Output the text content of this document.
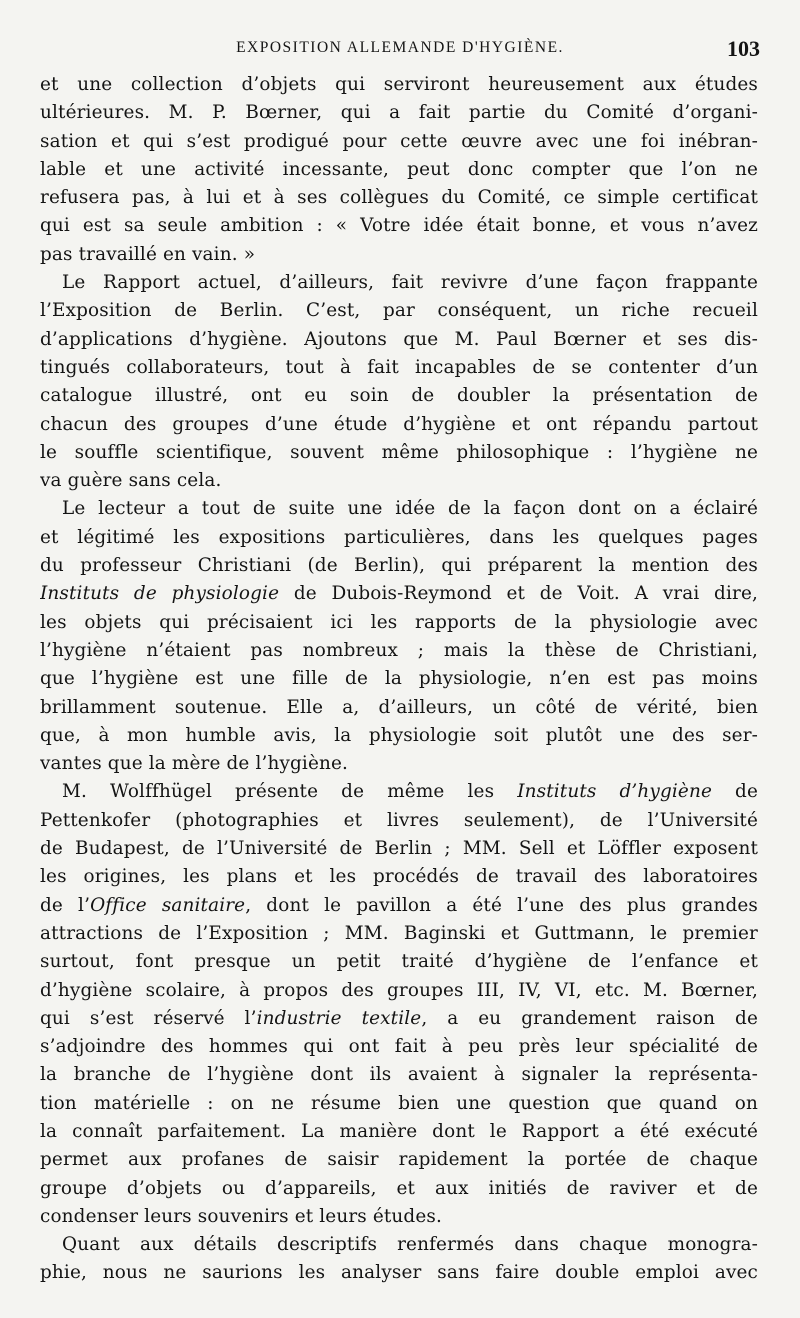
EXPOSITION ALLEMANDE D'HYGIÈNE.	103
et une collection d’objets qui serviront heureusement aux études
ultérieures. M. P. Bœrner, qui a fait partie du Comité d’organi-
sation et qui s’est prodigué pour cette œuvre avec une foi inébran-
lable et une activité incessante, peut donc compter que l’on ne
refusera pas, à lui et à ses collègues du Comité, ce simple certificat
qui est sa seule ambition : « Votre idée était bonne, et vous n’avez
pas travaillé en vain. »
Le Rapport actuel, d’ailleurs, fait revivre d’une façon frappante
l’Exposition de Berlin. C’est, par conséquent, un riche recueil
d’applications d’hygiène. Ajoutons que M. Paul Bœrner et ses dis-
tingués collaborateurs, tout à fait incapables de se contenter d’un
catalogue illustré, ont eu soin de doubler la présentation de
chacun des groupes d’une étude d’hygiène et ont répandu partout
le souffle scientifique, souvent même philosophique : l’hygiène ne
va guère sans cela.
Le lecteur a tout de suite une idée de la façon dont on a éclairé
et légitimé les expositions particulières, dans les quelques pages
du professeur Christiani (de Berlin), qui préparent la mention des
Instituts de physiologie de Dubois-Reymond et de Voit. A vrai dire,
les objets qui précisaient ici les rapports de la physiologie avec
l’hygiène n’étaient pas nombreux ; mais la thèse de Christiani,
que l’hygiène est une fille de la physiologie, n’en est pas moins
brillamment soutenue. Elle a, d’ailleurs, un côté de vérité, bien
que, à mon humble avis, la physiologie soit plutôt une des ser-
vantes que la mère de l’hygiène.
M. Wolffhügel présente de même les Instituts d’hygiène de
Pettenkofer (photographies et livres seulement), de l’Université
de Budapest, de l’Université de Berlin ; MM. Sell et Löffler exposent
les origines, les plans et les procédés de travail des laboratoires
de l’Office sanitaire, dont le pavillon a été l’une des plus grandes
attractions de l’Exposition ; MM. Baginski et Guttmann, le premier
surtout, font presque un petit traité d’hygiène de l’enfance et
d’hygiène scolaire, à propos des groupes III, IV, VI, etc. M. Bœrner,
qui s’est réservé l’industrie textile, a eu grandement raison de
s’adjoindre des hommes qui ont fait à peu près leur spécialité de
la branche de l’hygiène dont ils avaient à signaler la représenta-
tion matérielle : on ne résume bien une question que quand on
la connaît parfaitement. La manière dont le Rapport a été exécuté
permet aux profanes de saisir rapidement la portée de chaque
groupe d’objets ou d’appareils, et aux initiés de raviver et de
condenser leurs souvenirs et leurs études.
Quant aux détails descriptifs renfermés dans chaque monogra-
phie, nous ne saurions les analyser sans faire double emploi avec
